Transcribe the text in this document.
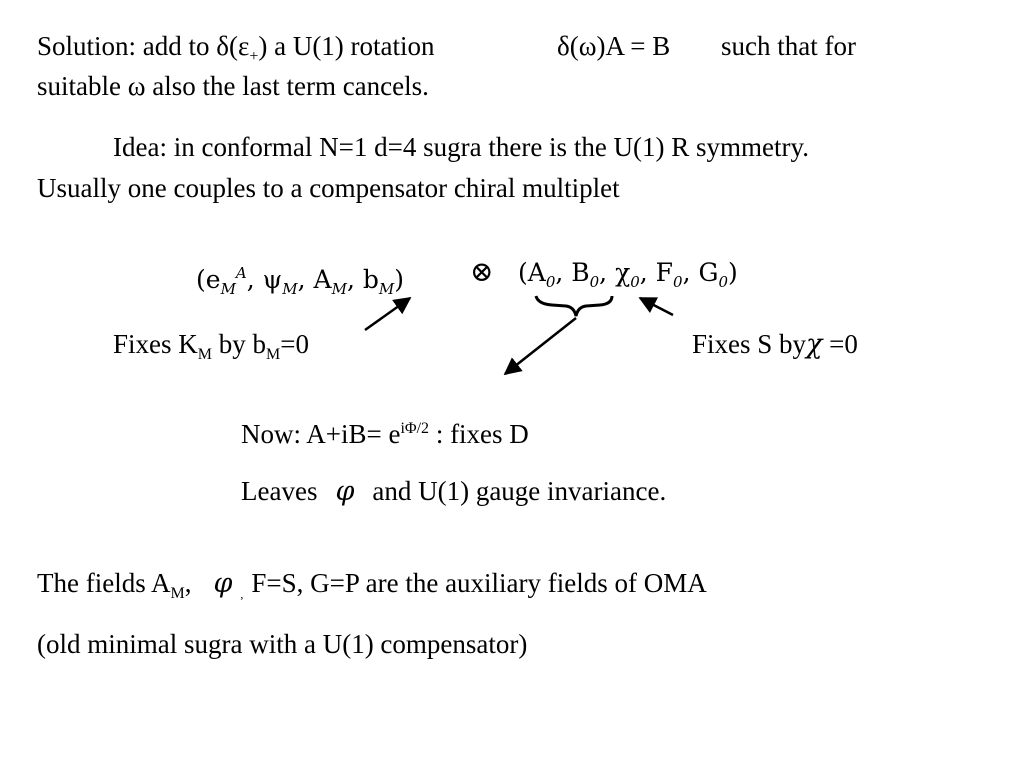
Solution: add to $\delta(\varepsilon_+)$ a U(1) rotation	δ(ω)A = B such that for
suitable ω also the last term cancels.
Idea: in conformal N=1 d=4 sugra there is the U(1) R symmetry.
Usually one couples to a compensator chiral multiplet
($e_M^A$, $\psi_M$, $A_M$, $b_M$) ⊗ ($A_0$, $B_0$, $\chi_0$, $F_0$, $G_0$)
Fixes $K_M$ by $b_M=0$	Fixes S byχ =0
Now: $A+iB= e^{i\Phi/2}$ : fixes D
Leaves φ and U(1) gauge invariance.
The fields $A_M$, φ $_,$ F=S, G=P are the auxiliary fields of OMA
(old minimal sugra with a U(1) compensator)
